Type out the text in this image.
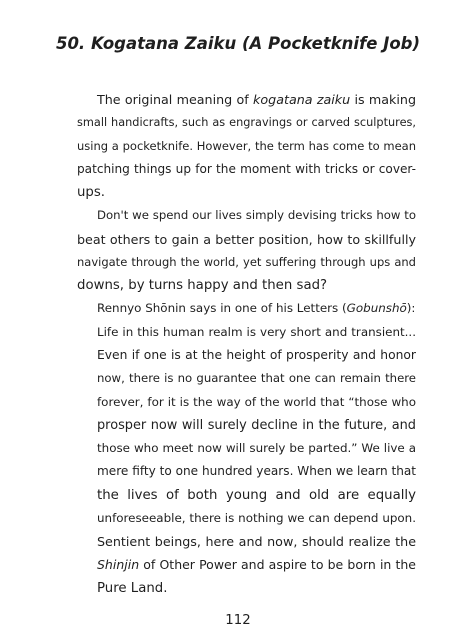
50. Kogatana Zaiku (A Pocketknife Job)
The original meaning of kogatana zaiku is making
small handicrafts, such as engravings or carved sculptures,
using a pocketknife. However, the term has come to mean
patching things up for the moment with tricks or cover-
ups.
Don't we spend our lives simply devising tricks how to
beat others to gain a better position, how to skillfully
navigate through the world, yet suffering through ups and
downs, by turns happy and then sad?
Rennyo Shōnin says in one of his Letters (Gobunshō):
Life in this human realm is very short and transient...
Even if one is at the height of prosperity and honor
now, there is no guarantee that one can remain there
forever, for it is the way of the world that “those who
prosper now will surely decline in the future, and
those who meet now will surely be parted.” We live a
mere fifty to one hundred years. When we learn that
the lives of both young and old are equally
unforeseeable, there is nothing we can depend upon.
Sentient beings, here and now, should realize the
Shinjin of Other Power and aspire to be born in the
Pure Land.
112
